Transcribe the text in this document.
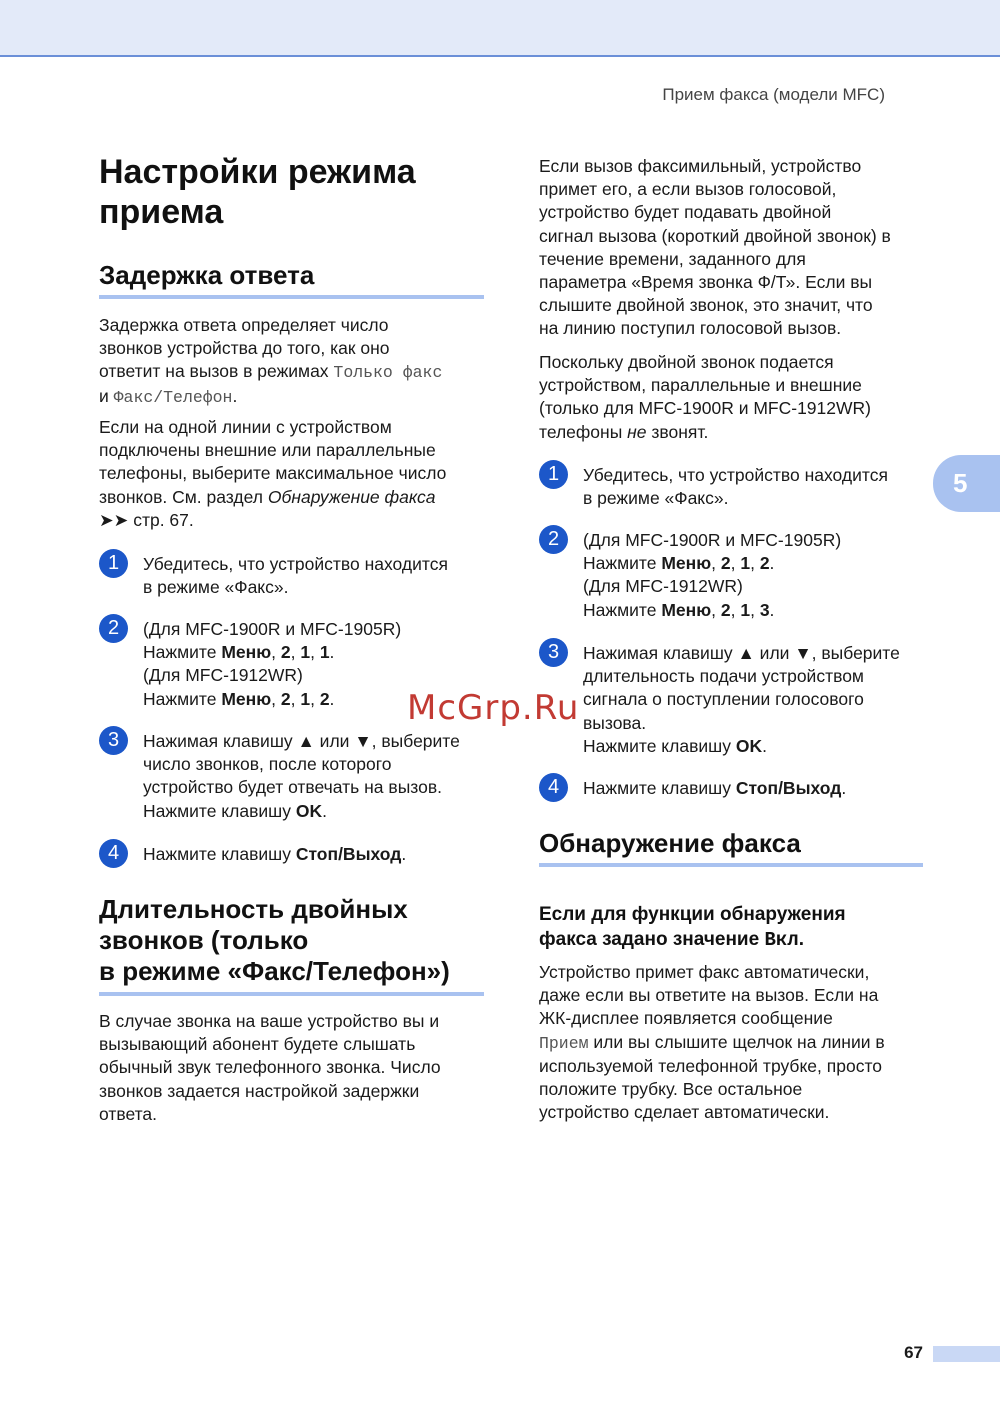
Прием факса (модели MFC)
5
67
Настройки режима
приема
Задержка ответа
Задержка ответа определяет число
звонков устройства до того, как оно
ответит на вызов в режимах Только факс
и Факс/Телефон.
Если на одной линии с устройством
подключены внешние или параллельные
телефоны, выберите максимальное число
звонков. См. раздел Обнаружение факса
➤➤ стр. 67.
1	Убедитесь, что устройство находится
в режиме «Факс».
2	(Для MFC-1900R и MFC-1905R)
Нажмите Меню, 2, 1, 1.
(Для MFC-1912WR)
Нажмите Меню, 2, 1, 2.
3	Нажимая клавишу ▲ или ▼, выберите
число звонков, после которого
устройство будет отвечать на вызов.
Нажмите клавишу OK.
4	Нажмите клавишу Стоп/Выход.
Длительность двойных
звонков (только
в режиме «Факс/Телефон»)
В случае звонка на ваше устройство вы и
вызывающий абонент будете слышать
обычный звук телефонного звонка. Число
звонков задается настройкой задержки
ответа.
Если вызов факсимильный, устройство
примет его, а если вызов голосовой,
устройство будет подавать двойной
сигнал вызова (короткий двойной звонок) в
течение времени, заданного для
параметра «Время звонка Ф/Т». Если вы
слышите двойной звонок, это значит, что
на линию поступил голосовой вызов.
Поскольку двойной звонок подается
устройством, параллельные и внешние
(только для MFC-1900R и MFC-1912WR)
телефоны не звонят.
1	Убедитесь, что устройство находится
в режиме «Факс».
2	(Для MFC-1900R и MFC-1905R)
Нажмите Меню, 2, 1, 2.
(Для MFC-1912WR)
Нажмите Меню, 2, 1, 3.
3	Нажимая клавишу ▲ или ▼, выберите
длительность подачи устройством
сигнала о поступлении голосового
вызова.
Нажмите клавишу OK.
4	Нажмите клавишу Стоп/Выход.
Обнаружение факса
Если для функции обнаружения
факса задано значение Вкл.
Устройство примет факс автоматически,
даже если вы ответите на вызов. Если на
ЖК-дисплее появляется сообщение
Прием или вы слышите щелчок на линии в
используемой телефонной трубке, просто
положите трубку. Все остальное
устройство сделает автоматически.
McGrp.Ru
